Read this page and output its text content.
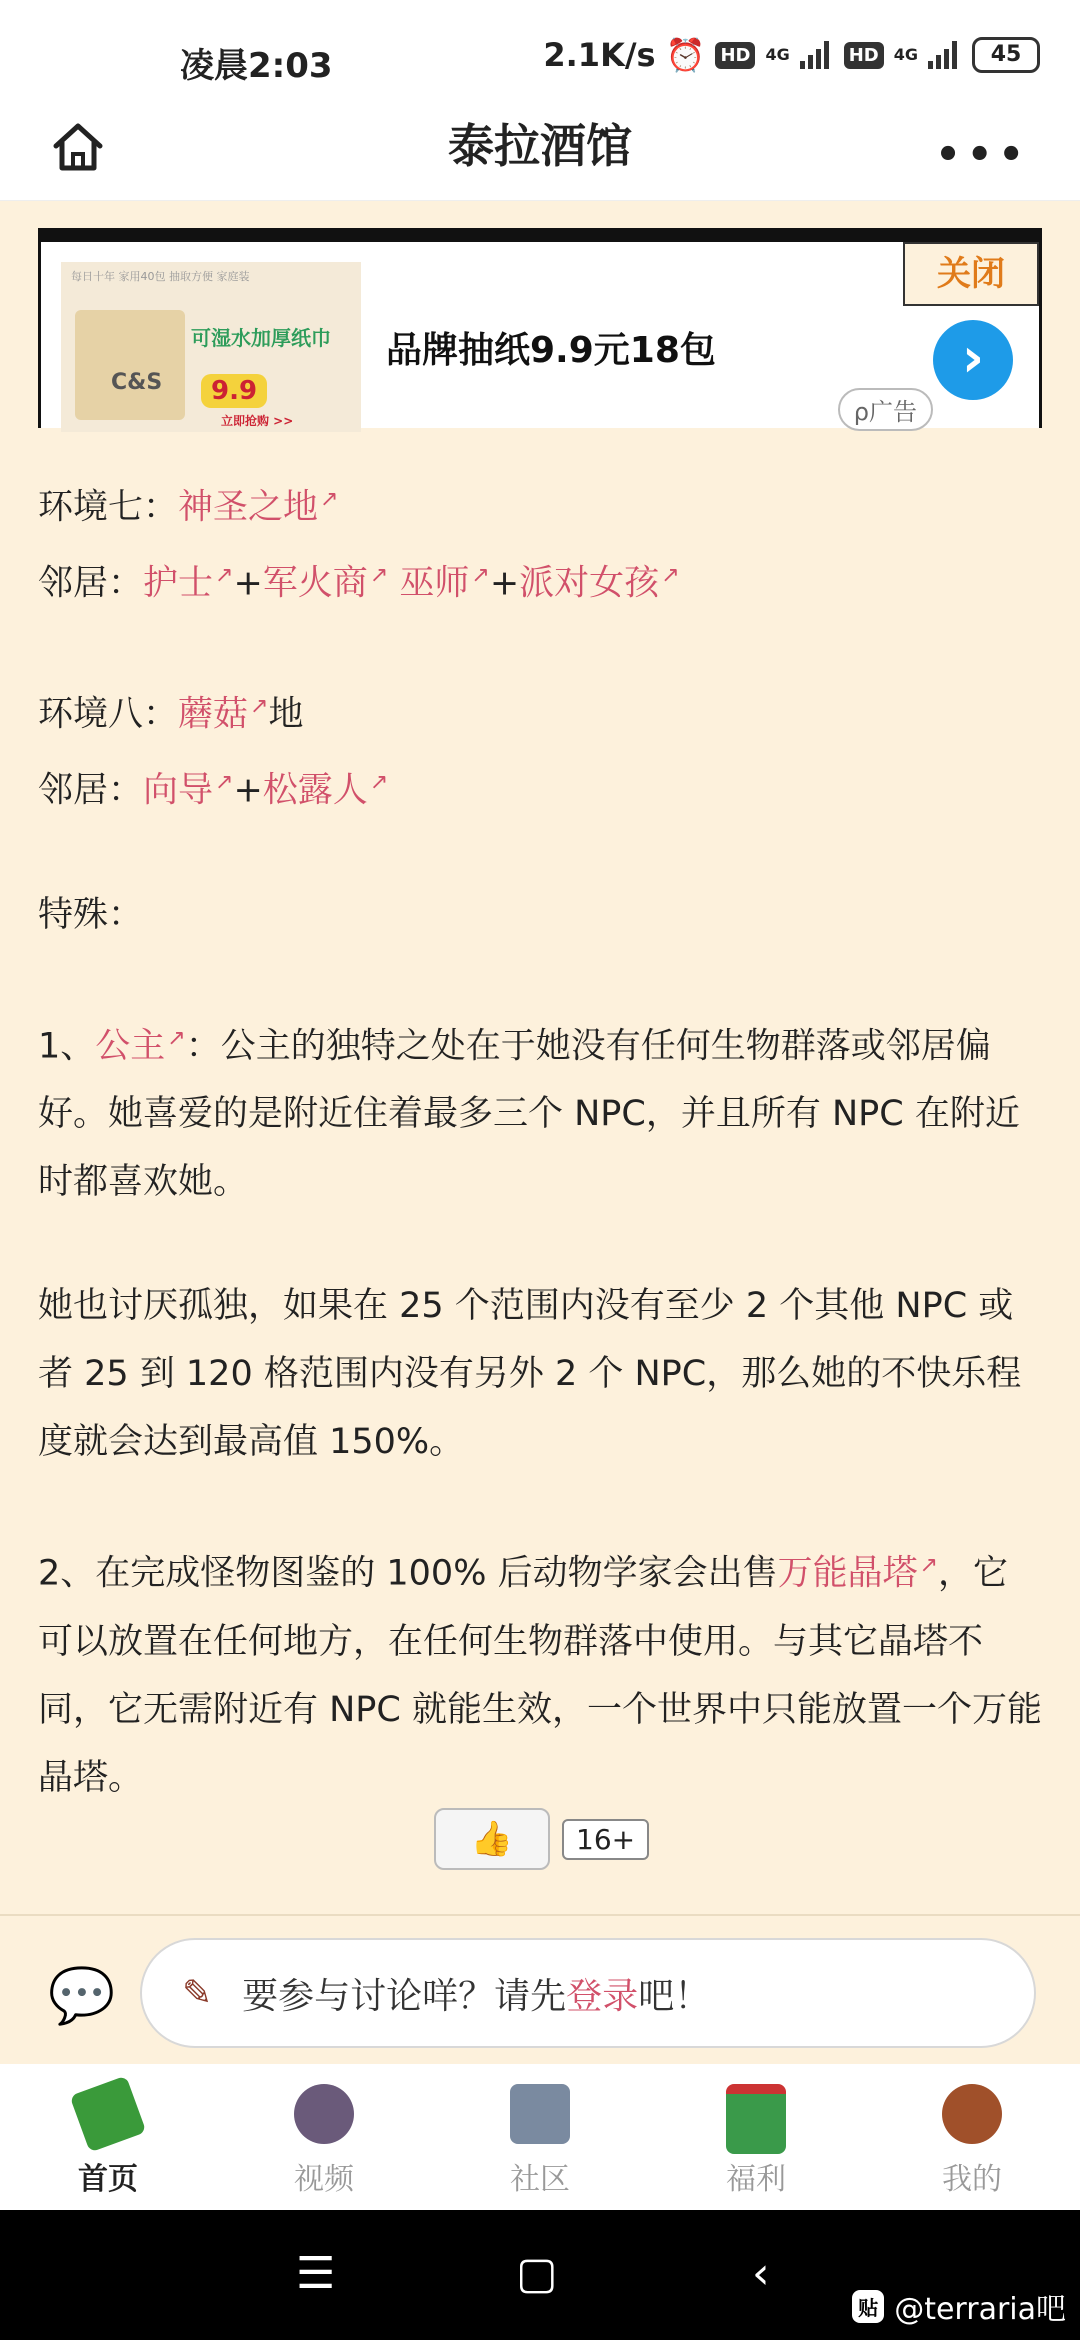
凌晨2:03	2.1K/s ⏰ HD 4G	HD 4G	45
泰拉酒馆	•••
每日十年 家用40包 抽取方便 家庭装
C&S
可湿水加厚纸巾
9.9
立即抢购 >>
品牌抽纸9.9元18包
关闭
›
ρ广告

环境七：神圣之地↗

邻居：护士↗+军火商↗ 巫师↗+派对女孩↗

环境八：蘑菇↗地

邻居：向导↗+松露人↗

特殊：

1、公主↗：公主的独特之处在于她没有任何生物群落或邻居偏好。她喜爱的是附近住着最多三个 NPC，并且所有 NPC 在附近时都喜欢她。

她也讨厌孤独，如果在 25 个范围内没有至少 2 个其他 NPC 或者 25 到 120 格范围内没有另外 2 个 NPC，那么她的不快乐程度就会达到最高值 150%。

2、在完成怪物图鉴的 100% 后动物学家会出售万能晶塔↗，它可以放置在任何地方，在任何生物群落中使用。与其它晶塔不同，它无需附近有 NPC 就能生效，一个世界中只能放置一个万能晶塔。

👍	16+
💬 ✎ 要参与讨论咩？请先 登录 吧！
首页	视频	社区	福利	我的
☰	▢	‹
贴 @terraria吧
